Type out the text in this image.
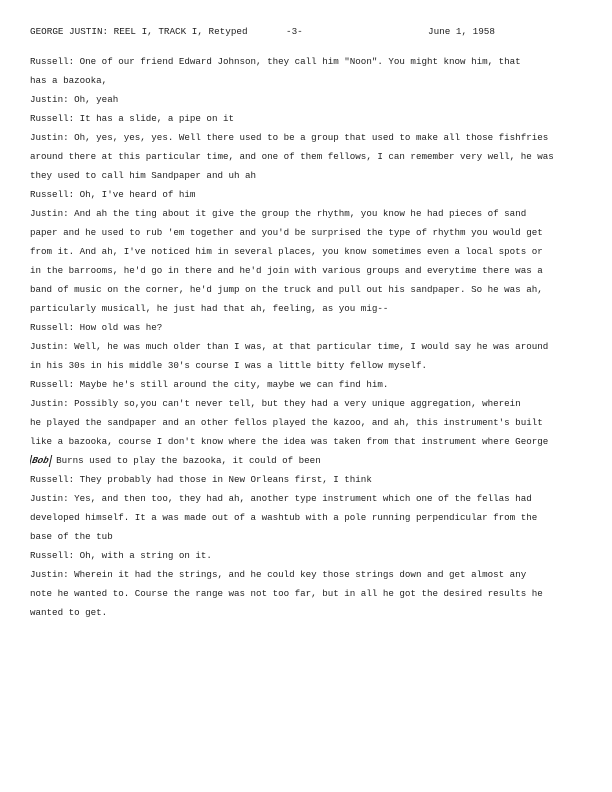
GEORGE JUSTIN: REEL I, TRACK I, Retyped	-3-	June 1, 1958
Russell: One of our friend Edward Johnson, they call him "Noon". You might know him, that
has a bazooka,
Justin: Oh, yeah
Russell: It has a slide, a pipe on it
Justin: Oh, yes, yes, yes. Well there used to be a group that used to make all those fishfries
around there at this particular time, and one of them fellows, I can remember very well, he was
they used to call him Sandpaper and uh ah
Russell: Oh, I've heard of him
Justin: And ah the ting about it give the group the rhythm, you know he had pieces of sand
paper and he used to rub 'em together and you'd be surprised the type of rhythm you would get
from it. And ah, I've noticed him in several places, you know sometimes even a local spots or
in the barrooms, he'd go in there and he'd join with various groups and everytime there was a
band of music on the corner, he'd jump on the truck and pull out his sandpaper. So he was ah,
particularly musicall, he just had that ah, feeling, as you mig--
Russell: How old was he?
Justin: Well, he was much older than I was, at that particular time, I would say he was around
in his 30s in his middle 30's course I was a little bitty fellow myself.
Russell: Maybe he's still around the city, maybe we can find him.
Justin: Possibly so,you can't never tell, but they had a very unique aggregation, wherein
he played the sandpaper and an other fellos played the kazoo, and ah, this instrument's built
like a bazooka, course I don't know where the idea was taken from that instrument where George
Bob Burns used to play the bazooka, it could of been
Russell: They probably had those in New Orleans first, I think
Justin: Yes, and then too, they had ah, another type instrument which one of the fellas had
developed himself. It a was made out of a washtub with a pole running perpendicular from the
base of the tub
Russell: Oh, with a string on it.
Justin: Wherein it had the strings, and he could key those strings down and get almost any
note he wanted to. Course the range was not too far, but in all he got the desired results he
wanted to get.
